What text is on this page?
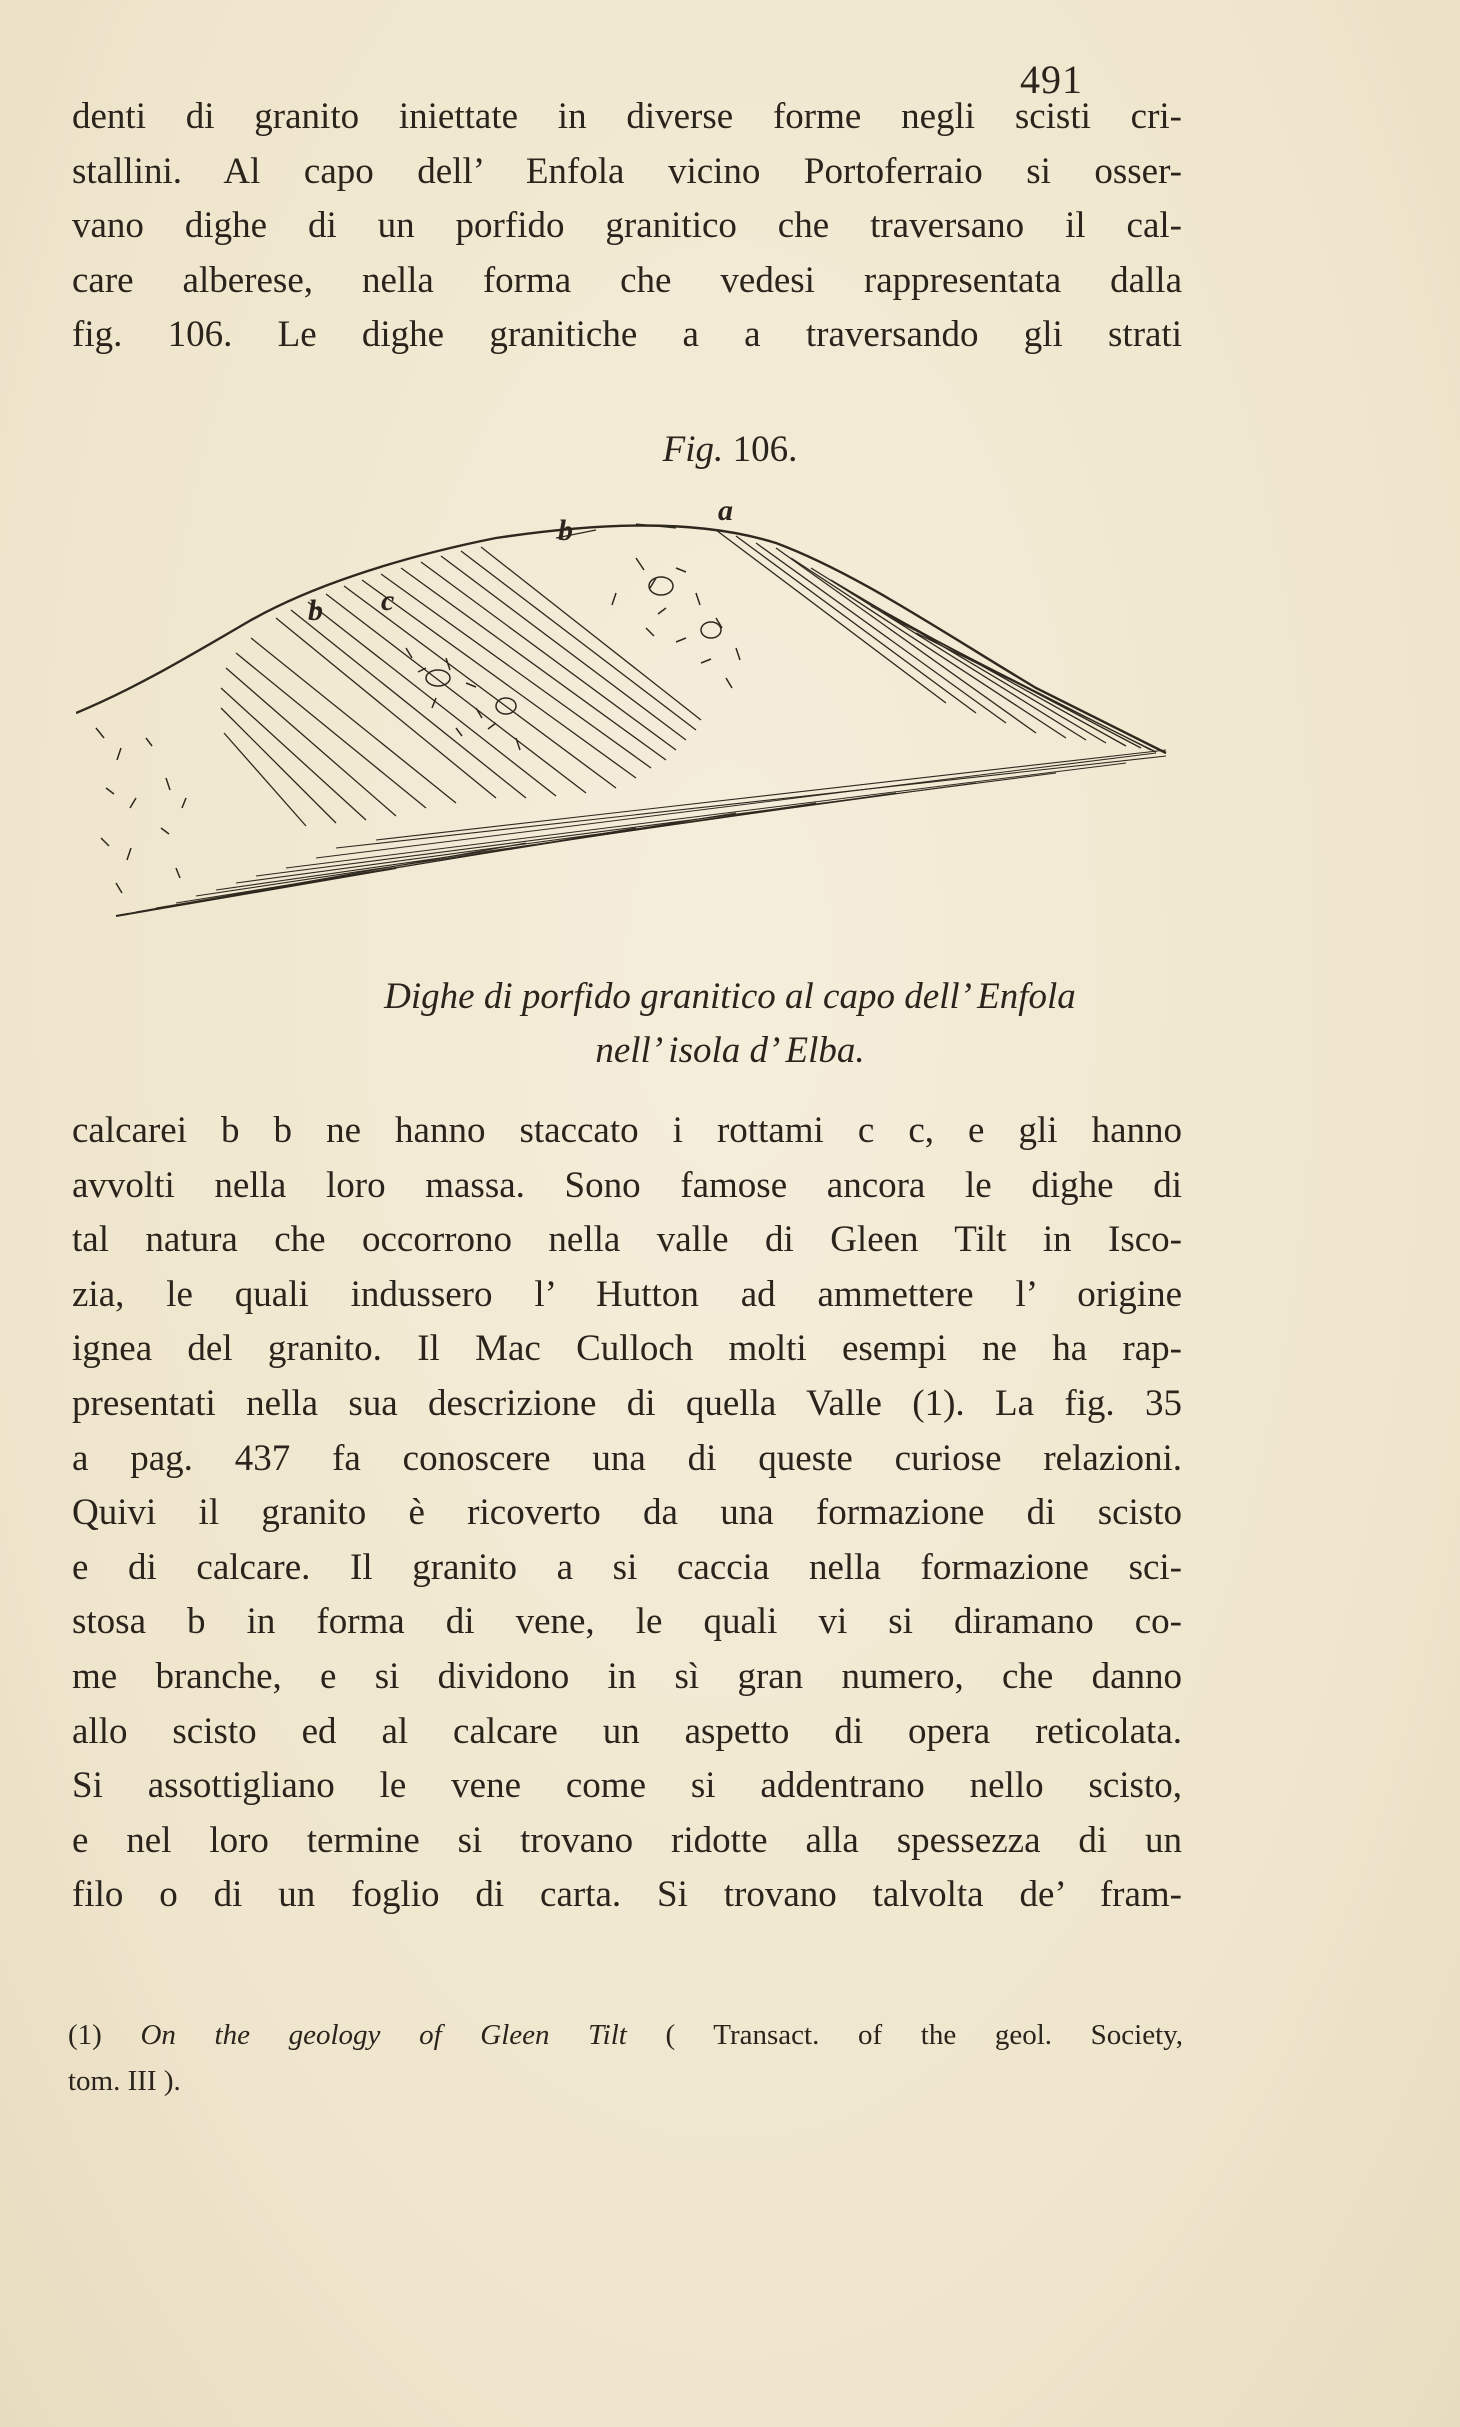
491
denti di granito iniettate in diverse forme negli scisti cri-
stallini. Al capo dell’ Enfola vicino Portoferraio si osser-
vano dighe di un porfido granitico che traversano il cal-
care alberese, nella forma che vedesi rappresentata dalla
fig. 106. Le dighe granitiche a a traversando gli strati
Fig. 106.
b
a
b c
Dighe di porfido granitico al capo dell’ Enfola
nell’ isola d’ Elba.
calcarei b b ne hanno staccato i rottami c c, e gli hanno
avvolti nella loro massa. Sono famose ancora le dighe di
tal natura che occorrono nella valle di Gleen Tilt in Isco-
zia, le quali indussero l’ Hutton ad ammettere l’ origine
ignea del granito. Il Mac Culloch molti esempi ne ha rap-
presentati nella sua descrizione di quella Valle (1). La fig. 35
a pag. 437 fa conoscere una di queste curiose relazioni.
Quivi il granito è ricoverto da una formazione di scisto
e di calcare. Il granito a si caccia nella formazione sci-
stosa b in forma di vene, le quali vi si diramano co-
me branche, e si dividono in sì gran numero, che danno
allo scisto ed al calcare un aspetto di opera reticolata.
Si assottigliano le vene come si addentrano nello scisto,
e nel loro termine si trovano ridotte alla spessezza di un
filo o di un foglio di carta. Si trovano talvolta de’ fram-
(1) On the geology of Gleen Tilt ( Transact. of the geol. Society,
tom. III ).
